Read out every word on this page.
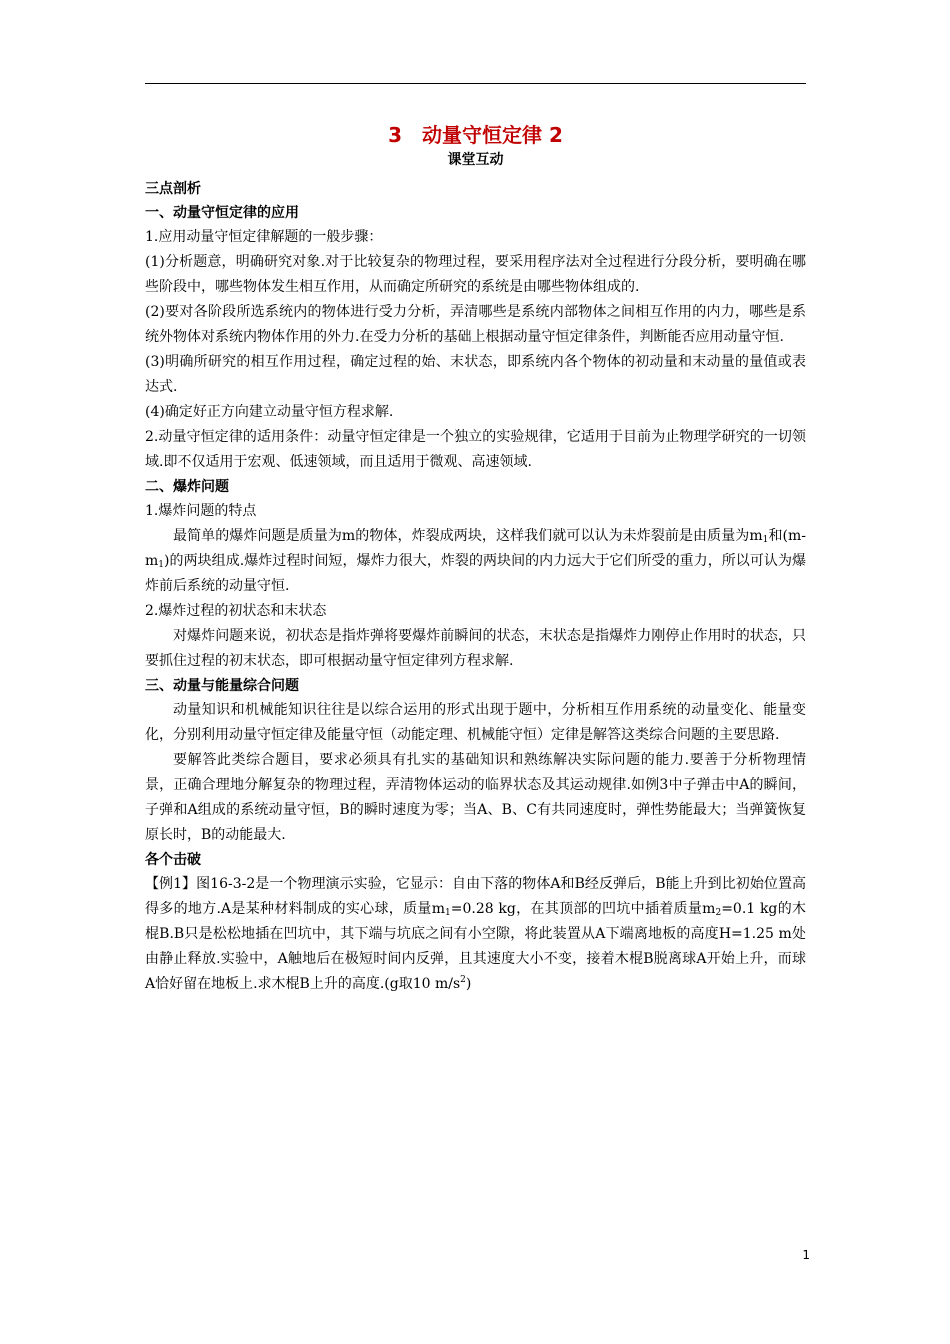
3　动量守恒定律 2
课堂互动
三点剖析
一、动量守恒定律的应用

1.应用动量守恒定律解题的一般步骤：

(1)分析题意，明确研究对象.对于比较复杂的物理过程，要采用程序法对全过程进行分段分析，要明确在哪些阶段中，哪些物体发生相互作用，从而确定所研究的系统是由哪些物体组成的.

(2)要对各阶段所选系统内的物体进行受力分析，弄清哪些是系统内部物体之间相互作用的内力，哪些是系统外物体对系统内物体作用的外力.在受力分析的基础上根据动量守恒定律条件，判断能否应用动量守恒.

(3)明确所研究的相互作用过程，确定过程的始、末状态，即系统内各个物体的初动量和末动量的量值或表达式.

(4)确定好正方向建立动量守恒方程求解.

2.动量守恒定律的适用条件：动量守恒定律是一个独立的实验规律，它适用于目前为止物理学研究的一切领域.即不仅适用于宏观、低速领域，而且适用于微观、高速领域.

二、爆炸问题

1.爆炸问题的特点

最简单的爆炸问题是质量为m的物体，炸裂成两块，这样我们就可以认为未炸裂前是由质量为$m_1$和$(m-m_1)$的两块组成.爆炸过程时间短，爆炸力很大，炸裂的两块间的内力远大于它们所受的重力，所以可认为爆炸前后系统的动量守恒.

2.爆炸过程的初状态和末状态

对爆炸问题来说，初状态是指炸弹将要爆炸前瞬间的状态，末状态是指爆炸力刚停止作用时的状态，只要抓住过程的初末状态，即可根据动量守恒定律列方程求解.

三、动量与能量综合问题

动量知识和机械能知识往往是以综合运用的形式出现于题中，分析相互作用系统的动量变化、能量变化，分别利用动量守恒定律及能量守恒（动能定理、机械能守恒）定律是解答这类综合问题的主要思路.

要解答此类综合题目，要求必须具有扎实的基础知识和熟练解决实际问题的能力.要善于分析物理情景，正确合理地分解复杂的物理过程，弄清物体运动的临界状态及其运动规律.如例3中子弹击中A的瞬间，子弹和A组成的系统动量守恒，B的瞬时速度为零；当A、B、C有共同速度时，弹性势能最大；当弹簧恢复原长时，B的动能最大.

各个击破

【例1】图16-3-2是一个物理演示实验，它显示：自由下落的物体A和B经反弹后，B能上升到比初始位置高得多的地方.A是某种材料制成的实心球，质量$m_1=0.28$ kg，在其顶部的凹坑中插着质量$m_2=0.1$ kg的木棍B.B只是松松地插在凹坑中，其下端与坑底之间有小空隙，将此装置从A下端离地板的高度H=1.25 m处由静止释放.实验中，A触地后在极短时间内反弹，且其速度大小不变，接着木棍B脱离球A开始上升，而球A恰好留在地板上.求木棍B上升的高度.(g取10 $m/s^2$)

1
